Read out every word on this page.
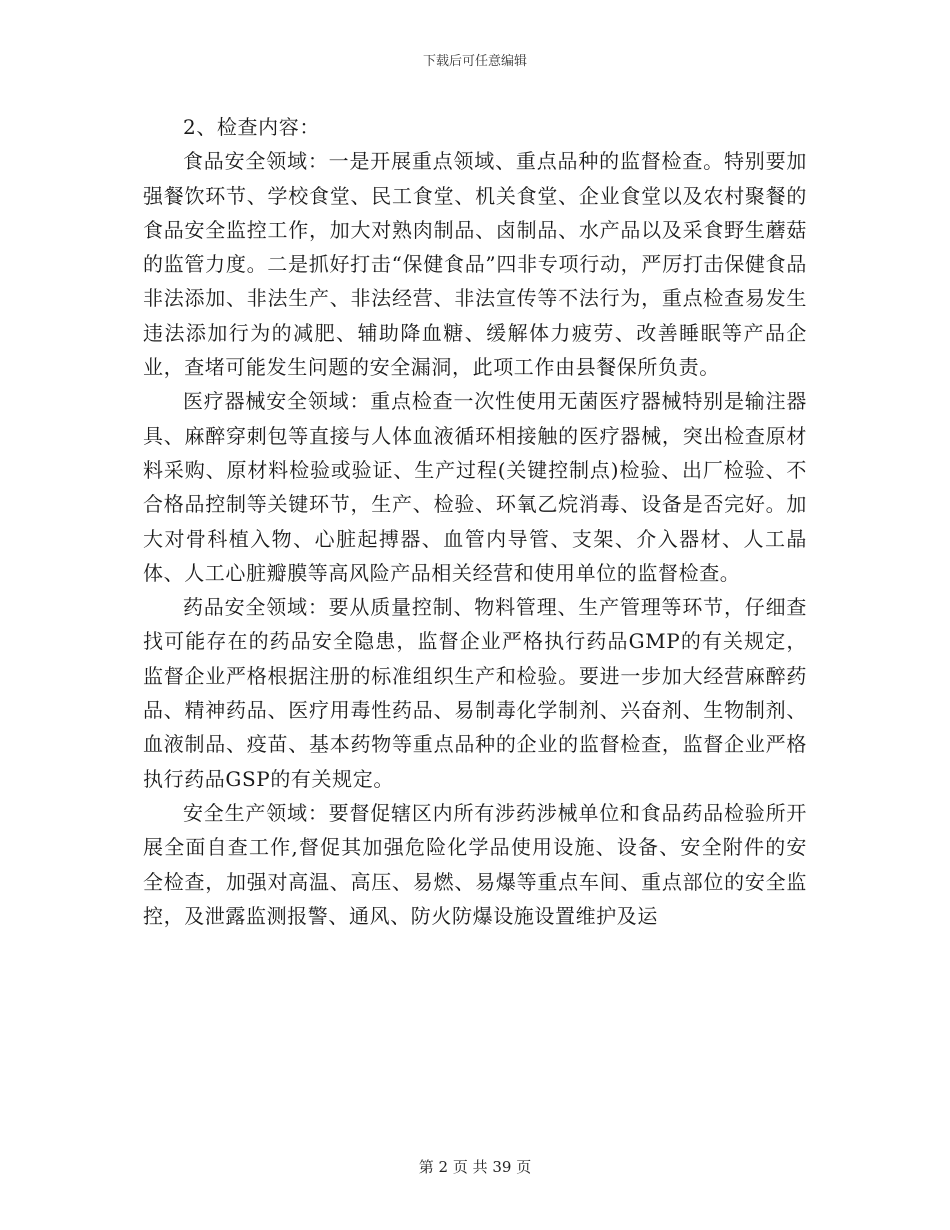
下载后可任意编辑

2、检查内容：

食品安全领域：一是开展重点领域、重点品种的监督检查。特别要加强餐饮环节、学校食堂、民工食堂、机关食堂、企业食堂以及农村聚餐的食品安全监控工作，加大对熟肉制品、卤制品、水产品以及采食野生蘑菇的监管力度。二是抓好打击“保健食品”四非专项行动，严厉打击保健食品非法添加、非法生产、非法经营、非法宣传等不法行为，重点检查易发生违法添加行为的减肥、辅助降血糖、缓解体力疲劳、改善睡眠等产品企业，查堵可能发生问题的安全漏洞，此项工作由县餐保所负责。

医疗器械安全领域：重点检查一次性使用无菌医疗器械特别是输注器具、麻醉穿刺包等直接与人体血液循环相接触的医疗器械，突出检查原材料采购、原材料检验或验证、生产过程(关键控制点)检验、出厂检验、不合格品控制等关键环节，生产、检验、环氧乙烷消毒、设备是否完好。加大对骨科植入物、心脏起搏器、血管内导管、支架、介入器材、人工晶体、人工心脏瓣膜等高风险产品相关经营和使用单位的监督检查。

药品安全领域：要从质量控制、物料管理、生产管理等环节，仔细查找可能存在的药品安全隐患，监督企业严格执行药品GMP的有关规定，监督企业严格根据注册的标准组织生产和检验。要进一步加大经营麻醉药品、精神药品、医疗用毒性药品、易制毒化学制剂、兴奋剂、生物制剂、血液制品、疫苗、基本药物等重点品种的企业的监督检查，监督企业严格执行药品GSP的有关规定。

安全生产领域：要督促辖区内所有涉药涉械单位和食品药品检验所开展全面自查工作,督促其加强危险化学品使用设施、设备、安全附件的安全检查，加强对高温、高压、易燃、易爆等重点车间、重点部位的安全监控，及泄露监测报警、通风、防火防爆设施设置维护及运

第 2 页 共 39 页
